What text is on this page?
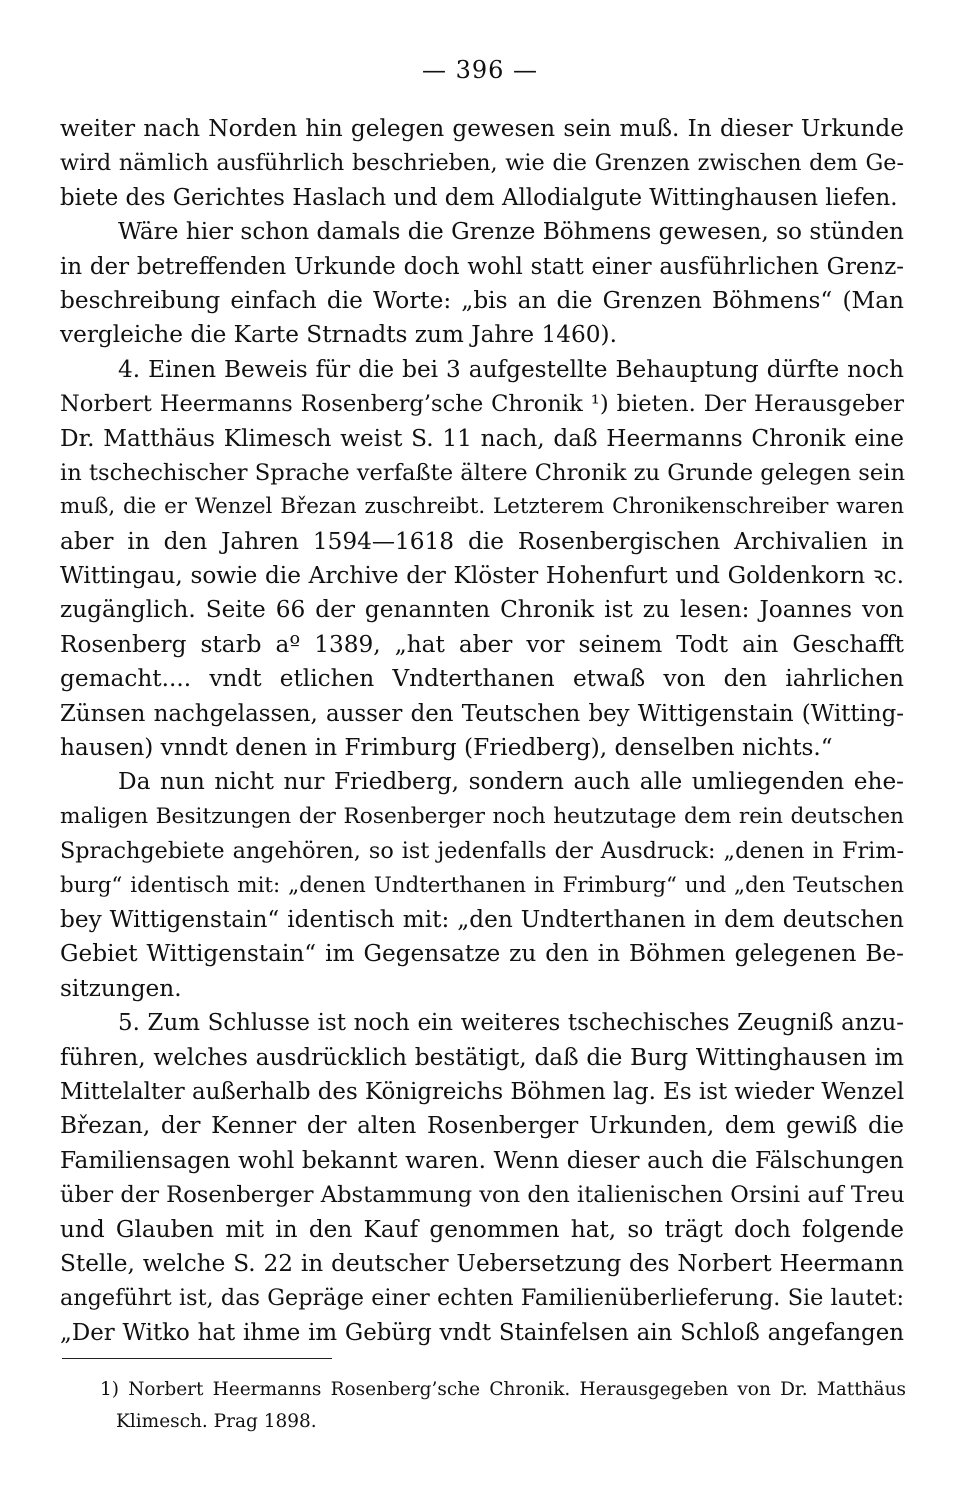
— 396 —
weiter nach Norden hin gelegen gewesen sein muß. In dieser Urkunde
wird nämlich ausführlich beschrieben, wie die Grenzen zwischen dem Ge-
biete des Gerichtes Haslach und dem Allodialgute Wittinghausen liefen.
Wäre hier schon damals die Grenze Böhmens gewesen, so stünden
in der betreffenden Urkunde doch wohl statt einer ausführlichen Grenz-
beschreibung einfach die Worte: „bis an die Grenzen Böhmens“ (Man
vergleiche die Karte Strnadts zum Jahre 1460).
4. Einen Beweis für die bei 3 aufgestellte Behauptung dürfte noch
Norbert Heermanns Rosenberg’sche Chronik ¹) bieten. Der Herausgeber
Dr. Matthäus Klimesch weist S. 11 nach, daß Heermanns Chronik eine
in tschechischer Sprache verfaßte ältere Chronik zu Grunde gelegen sein
muß, die er Wenzel Březan zuschreibt. Letzterem Chronikenschreiber waren
aber in den Jahren 1594—1618 die Rosenbergischen Archivalien in
Wittingau, sowie die Archive der Klöster Hohenfurt und Goldenkorn ꝛc.
zugänglich. Seite 66 der genannten Chronik ist zu lesen: Joannes von
Rosenberg starb aº 1389, „hat aber vor seinem Todt ain Geschafft
gemacht.... vndt etlichen Vndterthanen etwaß von den iahrlichen
Zünsen nachgelassen, ausser den Teutschen bey Wittigenstain (Witting-
hausen) vnndt denen in Frimburg (Friedberg), denselben nichts.“
Da nun nicht nur Friedberg, sondern auch alle umliegenden ehe-
maligen Besitzungen der Rosenberger noch heutzutage dem rein deutschen
Sprachgebiete angehören, so ist jedenfalls der Ausdruck: „denen in Frim-
burg“ identisch mit: „denen Undterthanen in Frimburg“ und „den Teutschen
bey Wittigenstain“ identisch mit: „den Undterthanen in dem deutschen
Gebiet Wittigenstain“ im Gegensatze zu den in Böhmen gelegenen Be-
sitzungen.
5. Zum Schlusse ist noch ein weiteres tschechisches Zeugniß anzu-
führen, welches ausdrücklich bestätigt, daß die Burg Wittinghausen im
Mittelalter außerhalb des Königreichs Böhmen lag. Es ist wieder Wenzel
Březan, der Kenner der alten Rosenberger Urkunden, dem gewiß die
Familiensagen wohl bekannt waren. Wenn dieser auch die Fälschungen
über der Rosenberger Abstammung von den italienischen Orsini auf Treu
und Glauben mit in den Kauf genommen hat, so trägt doch folgende
Stelle, welche S. 22 in deutscher Uebersetzung des Norbert Heermann
angeführt ist, das Gepräge einer echten Familienüberlieferung. Sie lautet:
„Der Witko hat ihme im Gebürg vndt Stainfelsen ain Schloß angefangen
1) Norbert Heermanns Rosenberg’sche Chronik. Herausgegeben von Dr. Matthäus
Klimesch. Prag 1898.
